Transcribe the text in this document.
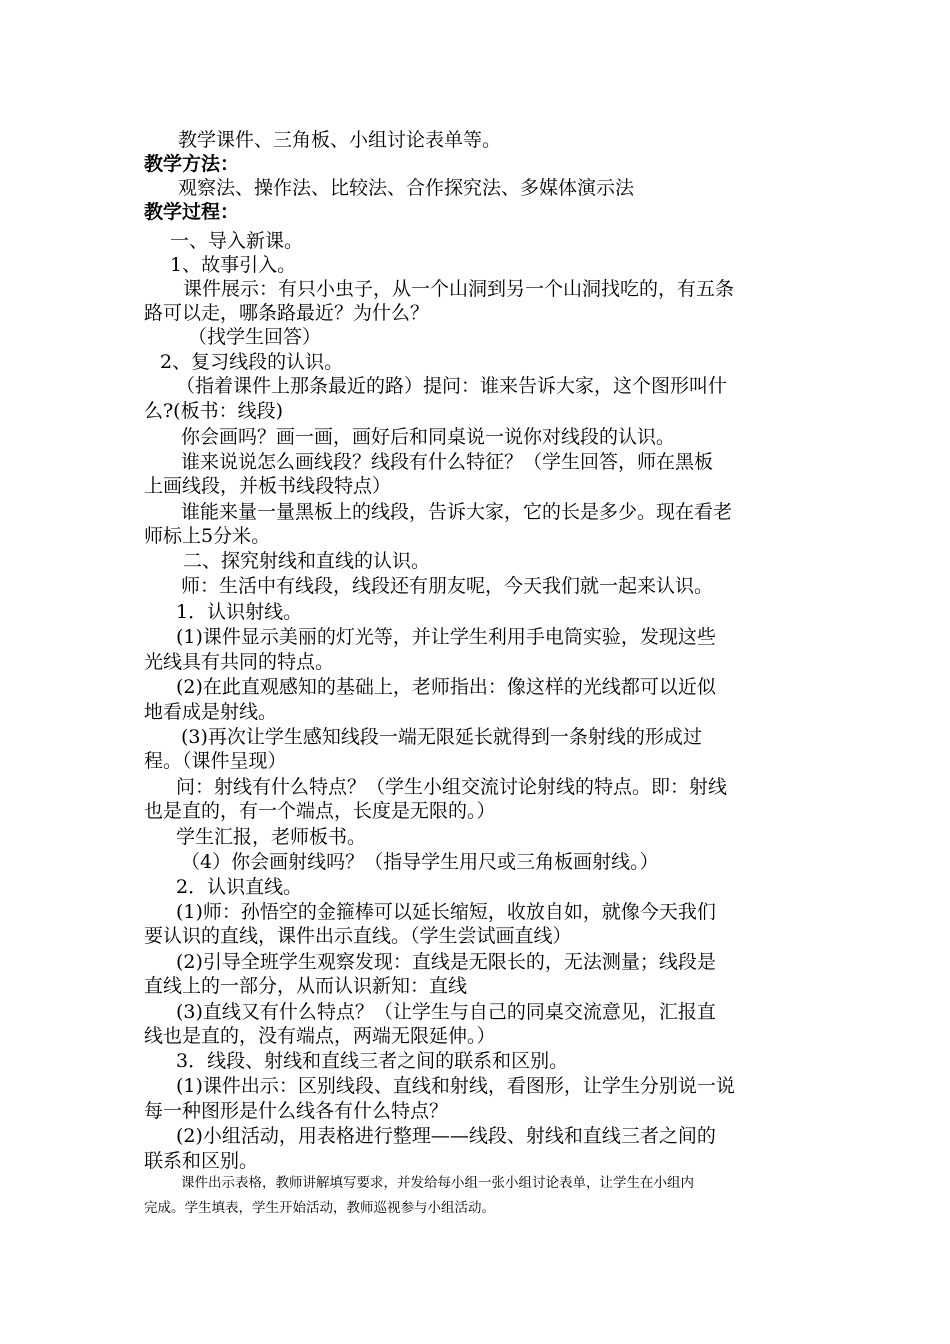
教学课件、三角板、小组讨论表单等。

教学方法：

观察法、操作法、比较法、合作探究法、多媒体演示法

教学过程：

一、导入新课。

1、故事引入。

课件展示：有只小虫子，从一个山洞到另一个山洞找吃的，有五条

路可以走，哪条路最近？为什么？

（找学生回答）

2、复习线段的认识。

（指着课件上那条最近的路）提问：谁来告诉大家，这个图形叫什

么?(板书：线段)

你会画吗？画一画，画好后和同桌说一说你对线段的认识。

谁来说说怎么画线段？线段有什么特征？（学生回答，师在黑板

上画线段，并板书线段特点）

谁能来量一量黑板上的线段，告诉大家，它的长是多少。现在看老

师标上5分米。

二、探究射线和直线的认识。

师：生活中有线段，线段还有朋友呢，今天我们就一起来认识。

1．认识射线。

(1)课件显示美丽的灯光等，并让学生利用手电筒实验，发现这些

光线具有共同的特点。

(2)在此直观感知的基础上，老师指出：像这样的光线都可以近似

地看成是射线。

(3)再次让学生感知线段一端无限延长就得到一条射线的形成过

程。（课件呈现）

问：射线有什么特点？（学生小组交流讨论射线的特点。即：射线

也是直的，有一个端点，长度是无限的。）

学生汇报，老师板书。

（4）你会画射线吗？（指导学生用尺或三角板画射线。）

2．认识直线。

(1)师：孙悟空的金箍棒可以延长缩短，收放自如，就像今天我们

要认识的直线，课件出示直线。（学生尝试画直线）

(2)引导全班学生观察发现：直线是无限长的，无法测量；线段是

直线上的一部分，从而认识新知：直线

(3)直线又有什么特点？（让学生与自己的同桌交流意见，汇报直

线也是直的，没有端点，两端无限延伸。）

3．线段、射线和直线三者之间的联系和区别。

(1)课件出示：区别线段、直线和射线，看图形，让学生分别说一说

每一种图形是什么线各有什么特点？

(2)小组活动，用表格进行整理——线段、射线和直线三者之间的

联系和区别。

课件出示表格，教师讲解填写要求，并发给每小组一张小组讨论表单，让学生在小组内

完成。学生填表，学生开始活动，教师巡视参与小组活动。
